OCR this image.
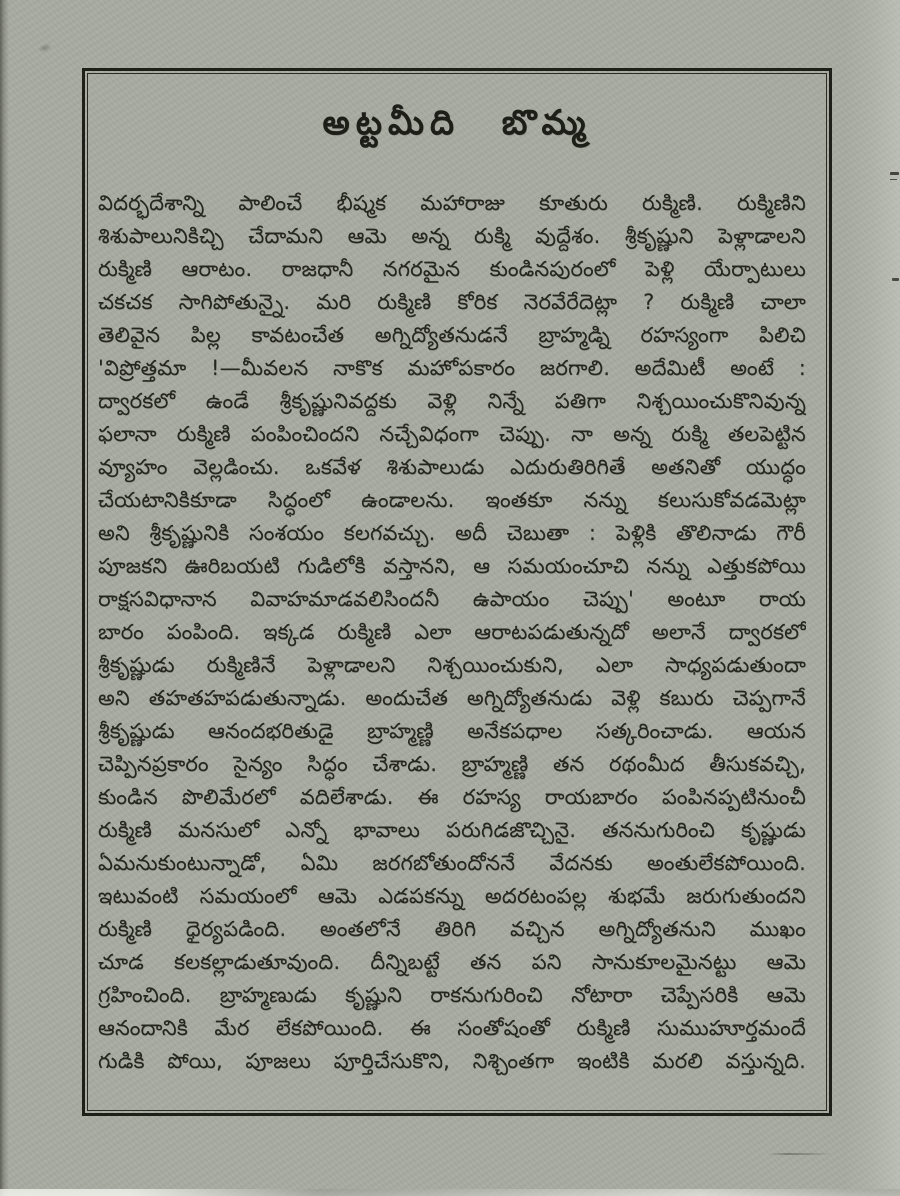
అట్టమీది బొమ్మ
విదర్భదేశాన్ని పాలించే భీష్మక మహారాజు కూతురు రుక్మిణి. రుక్మిణిని
శిశుపాలునికిచ్చి చేదామని ఆమె అన్న రుక్మి వుద్దేశం. శ్రీకృష్ణుని పెళ్లాడాలని
రుక్మిణి ఆరాటం. రాజధానీ నగరమైన కుండినపురంలో పెళ్లి యేర్పాటులు
చకచక సాగిపోతున్నై. మరి రుక్మిణి కోరిక నెరవేరేదెట్లా ? రుక్మిణి చాలా
తెలివైన పిల్ల కావటంచేత అగ్నిద్యోతనుడనే బ్రాహ్మడ్ని రహస్యంగా పిలిచి
'విప్రోత్తమా !—మీవలన నాకొక మహోపకారం జరగాలి. అదేమిటీ అంటే :
ద్వారకలో ఉండే శ్రీకృష్ణునివద్దకు వెళ్లి నిన్నే పతిగా నిశ్చయించుకొనివున్న
ఫలానా రుక్మిణి పంపించిందని నచ్చేవిధంగా చెప్పు. నా అన్న రుక్మి తలపెట్టిన
వ్యూహం వెల్లడించు. ఒకవేళ శిశుపాలుడు ఎదురుతిరిగితే అతనితో యుద్ధం
చేయటానికికూడా సిద్ధంలో ఉండాలను. ఇంతకూ నన్ను కలుసుకోవడమెట్లా
అని శ్రీకృష్ణునికి సంశయం కలగవచ్చు. అదీ చెబుతా : పెళ్లికి తొలినాడు గౌరీ
పూజకని ఊరిబయటి గుడిలోకి వస్తానని, ఆ సమయంచూచి నన్ను ఎత్తుకపోయి
రాక్షసవిధానాన వివాహమాడవలిసిందనీ ఉపాయం చెప్పు' అంటూ రాయ
బారం పంపింది. ఇక్కడ రుక్మిణి ఎలా ఆరాటపడుతున్నదో అలానే ద్వారకలో
శ్రీకృష్ణుడు రుక్మిణినే పెళ్లాడాలని నిశ్చయించుకుని, ఎలా సాధ్యపడుతుందా
అని తహతహపడుతున్నాడు. అందుచేత అగ్నిద్యోతనుడు వెళ్లి కబురు చెప్పగానే
శ్రీకృష్ణుడు ఆనందభరితుడై బ్రాహ్మణ్ణి అనేకపధాల సత్కరించాడు. ఆయన
చెప్పినప్రకారం సైన్యం సిద్ధం చేశాడు. బ్రాహ్మణ్ణి తన రథంమీద తీసుకవచ్చి,
కుండిన పొలిమేరలో వదిలేశాడు. ఈ రహస్య రాయబారం పంపినప్పటినుంచీ
రుక్మిణి మనసులో ఎన్నో భావాలు పరుగిడజొచ్చినై. తననుగురించి కృష్ణుడు
ఏమనుకుంటున్నాడో, ఏమి జరగబోతుందోననే వేదనకు అంతులేకపోయింది.
ఇటువంటి సమయంలో ఆమె ఎడపకన్ను అదరటంపల్ల శుభమే జరుగుతుందని
రుక్మిణి ధైర్యపడింది. అంతలోనే తిరిగి వచ్చిన అగ్నిద్యోతనుని ముఖం
చూడ కలకల్లాడుతూవుంది. దీన్నిబట్టే తన పని సానుకూలమైనట్టు ఆమె
గ్రహించింది. బ్రాహ్మణుడు కృష్ణుని రాకనుగురించి నోటారా చెప్పేసరికి ఆమె
ఆనందానికి మేర లేకపోయింది. ఈ సంతోషంతో రుక్మిణి సుముహూర్తమందే
గుడికి పోయి, పూజలు పూర్తిచేసుకొని, నిశ్చింతగా ఇంటికి మరలి వస్తున్నది.
